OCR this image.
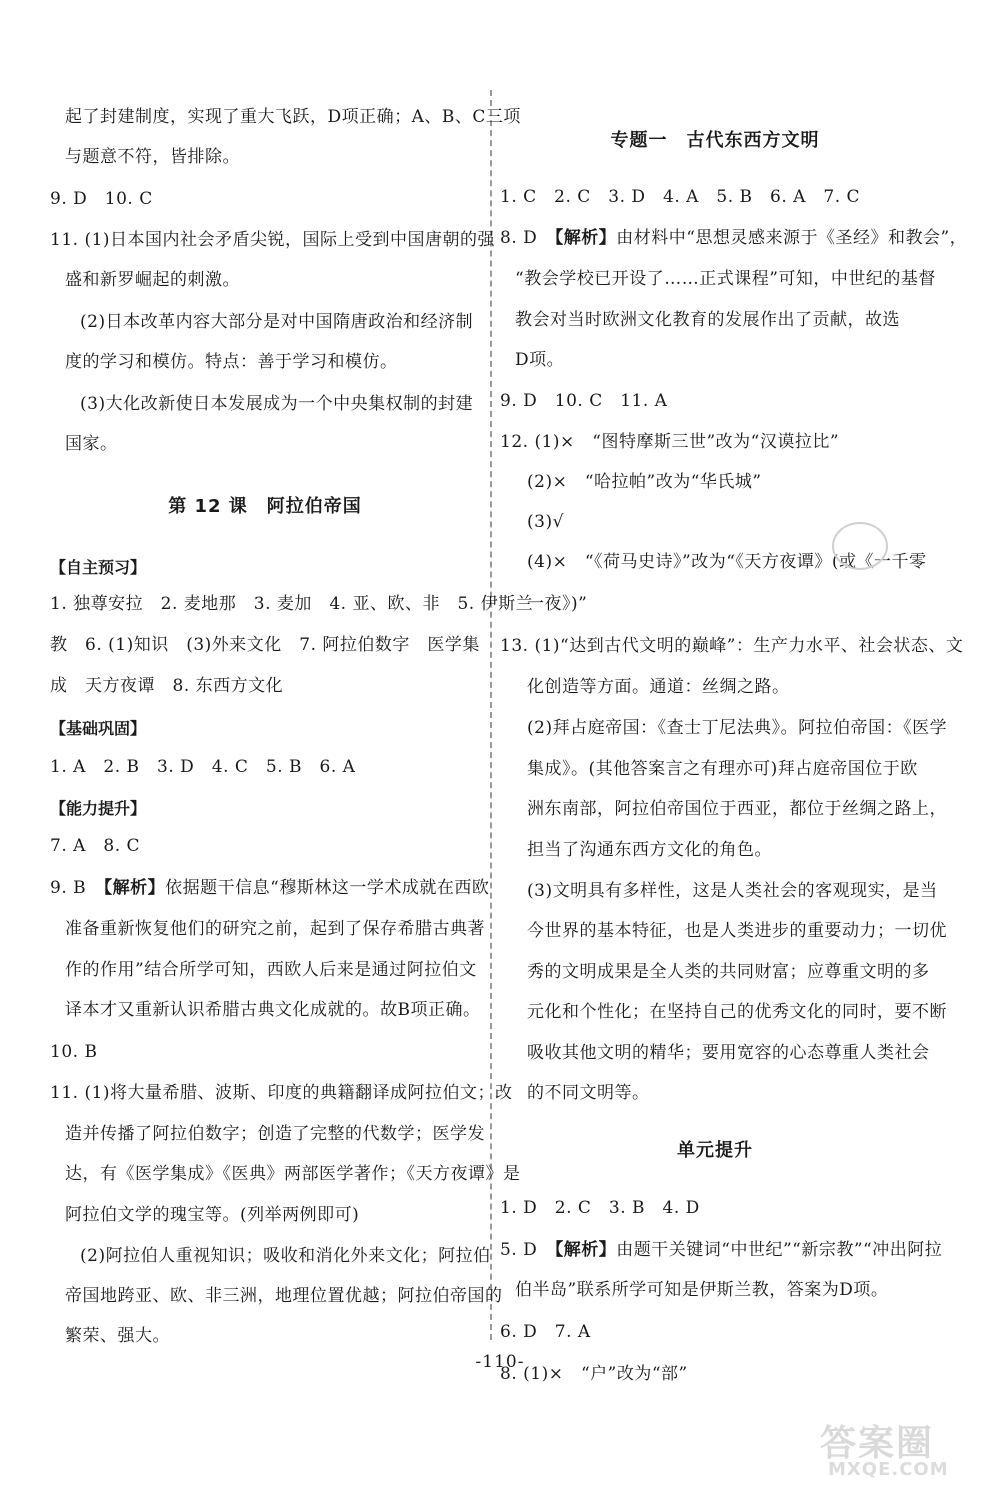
起了封建制度，实现了重大飞跃，D项正确；A、B、C三项
与题意不符，皆排除。
9. D　10. C
11. (1)日本国内社会矛盾尖锐，国际上受到中国唐朝的强
盛和新罗崛起的刺激。
(2)日本改革内容大部分是对中国隋唐政治和经济制
度的学习和模仿。特点：善于学习和模仿。
(3)大化改新使日本发展成为一个中央集权制的封建
国家。
第 12 课　阿拉伯帝国
【自主预习】
1. 独尊安拉　2. 麦地那　3. 麦加　4. 亚、欧、非　5. 伊斯兰
教　6. (1)知识　(3)外来文化　7. 阿拉伯数字　医学集
成　天方夜谭　8. 东西方文化
【基础巩固】
1. A　2. B　3. D　4. C　5. B　6. A
【能力提升】
7. A　8. C
9. B　【解析】依据题干信息“穆斯林这一学术成就在西欧
准备重新恢复他们的研究之前，起到了保存希腊古典著
作的作用”结合所学可知，西欧人后来是通过阿拉伯文
译本才又重新认识希腊古典文化成就的。故B项正确。
10. B
11. (1)将大量希腊、波斯、印度的典籍翻译成阿拉伯文；改
造并传播了阿拉伯数字；创造了完整的代数学；医学发
达，有《医学集成》《医典》两部医学著作；《天方夜谭》是
阿拉伯文学的瑰宝等。(列举两例即可)
(2)阿拉伯人重视知识；吸收和消化外来文化；阿拉伯
帝国地跨亚、欧、非三洲，地理位置优越；阿拉伯帝国的
繁荣、强大。
专题一　古代东西方文明
1. C　2. C　3. D　4. A　5. B　6. A　7. C
8. D　【解析】由材料中“思想灵感来源于《圣经》和教会”，
“教会学校已开设了……正式课程”可知，中世纪的基督
教会对当时欧洲文化教育的发展作出了贡献，故选
D项。
9. D　10. C　11. A
12. (1)×　“图特摩斯三世”改为“汉谟拉比”
(2)×　“哈拉帕”改为“华氏城”
(3)√
(4)×　“《荷马史诗》”改为“《天方夜谭》(或《一千零
一夜》)”
13. (1)“达到古代文明的巅峰”：生产力水平、社会状态、文
化创造等方面。通道：丝绸之路。
(2)拜占庭帝国：《查士丁尼法典》。阿拉伯帝国：《医学
集成》。(其他答案言之有理亦可)拜占庭帝国位于欧
洲东南部，阿拉伯帝国位于西亚，都位于丝绸之路上，
担当了沟通东西方文化的角色。
(3)文明具有多样性，这是人类社会的客观现实，是当
今世界的基本特征，也是人类进步的重要动力；一切优
秀的文明成果是全人类的共同财富；应尊重文明的多
元化和个性化；在坚持自己的优秀文化的同时，要不断
吸收其他文明的精华；要用宽容的心态尊重人类社会
的不同文明等。
单元提升
1. D　2. C　3. B　4. D
5. D　【解析】由题干关键词“中世纪”“新宗教”“冲出阿拉
伯半岛”联系所学可知是伊斯兰教，答案为D项。
6. D　7. A
8. (1)×　“户”改为“部”
-110-
答案圈
MXQE.COM
